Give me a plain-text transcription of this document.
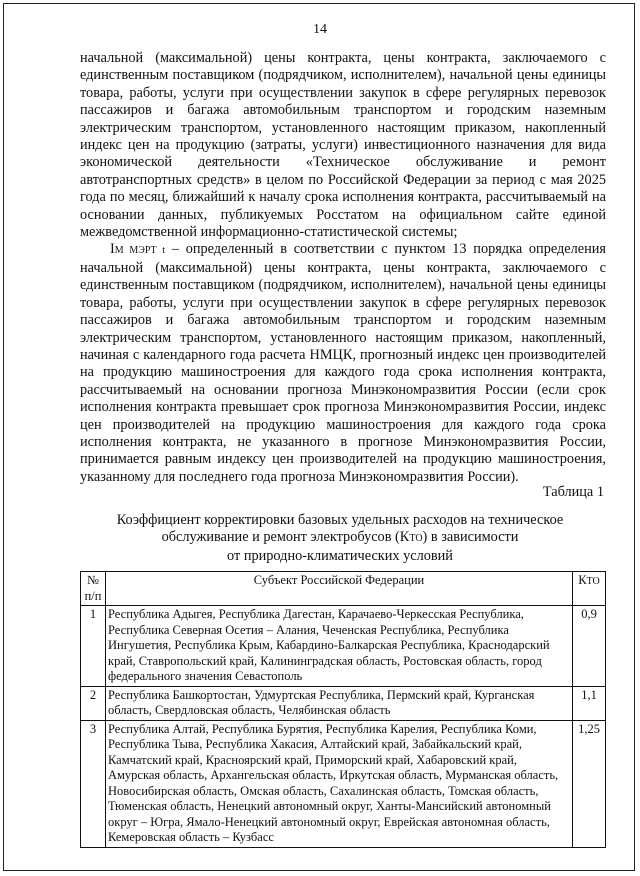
14

начальной (максимальной) цены контракта, цены контракта, заключаемого с единственным поставщиком (подрядчиком, исполнителем), начальной цены единицы товара, работы, услуги при осуществлении закупок в сфере регулярных перевозок пассажиров и багажа автомобильным транспортом и городским наземным электрическим транспортом, установленного настоящим приказом, накопленный индекс цен на продукцию (затраты, услуги) инвестиционного назначения для вида экономической деятельности «Техническое обслуживание и ремонт автотранспортных средств» в целом по Российской Федерации за период с мая 2025 года по месяц, ближайший к началу срока исполнения контракта, рассчитываемый на основании данных, публикуемых Росстатом на официальном сайте единой межведомственной информационно-статистической системы;

IМ МЭРТ t – определенный в соответствии с пунктом 13 порядка определения начальной (максимальной) цены контракта, цены контракта, заключаемого с единственным поставщиком (подрядчиком, исполнителем), начальной цены единицы товара, работы, услуги при осуществлении закупок в сфере регулярных перевозок пассажиров и багажа автомобильным транспортом и городским наземным электрическим транспортом, установленного настоящим приказом, накопленный, начиная с календарного года расчета НМЦК, прогнозный индекс цен производителей на продукцию машиностроения для каждого года срока исполнения контракта, рассчитываемый на основании прогноза Минэкономразвития России (если срок исполнения контракта превышает срок прогноза Минэкономразвития России, индекс цен производителей на продукцию машиностроения для каждого года срока исполнения контракта, не указанного в прогнозе Минэкономразвития России, принимается равным индексу цен производителей на продукцию машиностроения, указанному для последнего года прогноза Минэкономразвития России).

Таблица 1
Коэффициент корректировки базовых удельных расходов на техническое
обслуживание и ремонт электробусов (КТО) в зависимости
от природно-климатических условий
№ п/п	Субъект Российской Федерации	КТО
1	Республика Адыгея, Республика Дагестан, Карачаево-Черкесская Республика, Республика Северная Осетия – Алания, Чеченская Республика, Республика Ингушетия, Республика Крым, Кабардино-Балкарская Республика, Краснодарский край, Ставропольский край, Калининградская область, Ростовская область, город федерального значения Севастополь	0,9
2	Республика Башкортостан, Удмуртская Республика, Пермский край, Курганская область, Свердловская область, Челябинская область	1,1
3	Республика Алтай, Республика Бурятия, Республика Карелия, Республика Коми, Республика Тыва, Республика Хакасия, Алтайский край, Забайкальский край, Камчатский край, Красноярский край, Приморский край, Хабаровский край, Амурская область, Архангельская область, Иркутская область, Мурманская область, Новосибирская область, Омская область, Сахалинская область, Томская область, Тюменская область, Ненецкий автономный округ, Ханты-Мансийский автономный округ – Югра, Ямало-Ненецкий автономный округ, Еврейская автономная область, Кемеровская область – Кузбасс	1,25
